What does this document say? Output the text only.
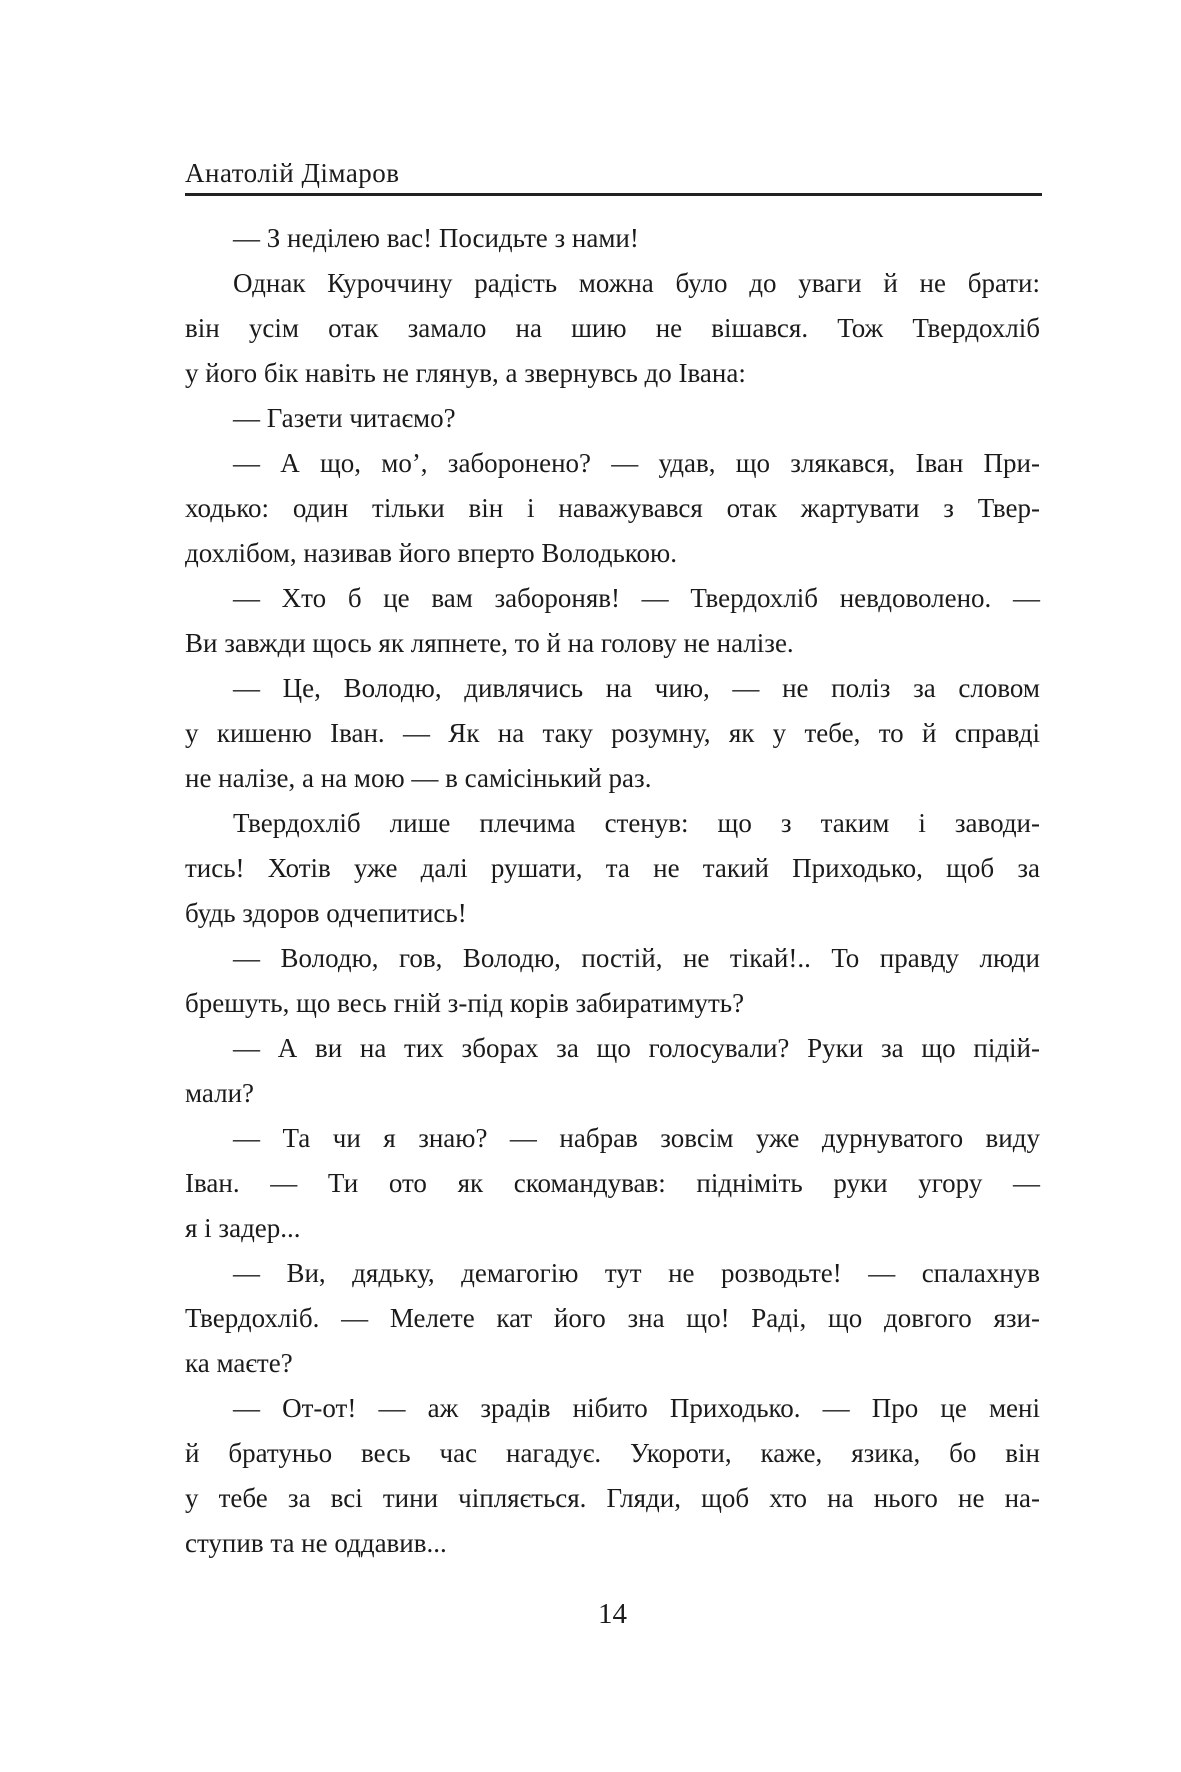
Анатолій Дімаров
— З неділею вас! Посидьте з нами!
Однак Куроччину радість можна було до уваги й не брати:
він усім отак замало на шию не вішався. Тож Твердохліб
у його бік навіть не глянув, а звернувсь до Івана:
— Газети читаємо?
— А що, мо’, заборонено? — удав, що злякався, Іван При-
ходько: один тільки він і наважувався отак жартувати з Твер-
дохлібом, називав його вперто Володькою.
— Хто б це вам забороняв! — Твердохліб невдоволено. —
Ви завжди щось як ляпнете, то й на голову не налізе.
— Це, Володю, дивлячись на чию, — не поліз за словом
у кишеню Іван. — Як на таку розумну, як у тебе, то й справді
не налізе, а на мою — в самісінький раз.
Твердохліб лише плечима стенув: що з таким і заводи-
тись! Хотів уже далі рушати, та не такий Приходько, щоб за
будь здоров одчепитись!
— Володю, гов, Володю, постій, не тікай!.. То правду люди
брешуть, що весь гній з-під корів забиратимуть?
— А ви на тих зборах за що голосували? Руки за що підій-
мали?
— Та чи я знаю? — набрав зовсім уже дурнуватого виду
Іван. — Ти ото як скомандував: підніміть руки угору —
я і задер...
— Ви, дядьку, демагогію тут не розводьте! — спалахнув
Твердохліб. — Мелете кат його зна що! Раді, що довгого язи-
ка маєте?
— От-от! — аж зрадів нібито Приходько. — Про це мені
й братуньо весь час нагадує. Укороти, каже, язика, бо він
у тебе за всі тини чіпляється. Гляди, щоб хто на нього не на-
ступив та не оддавив...
14
